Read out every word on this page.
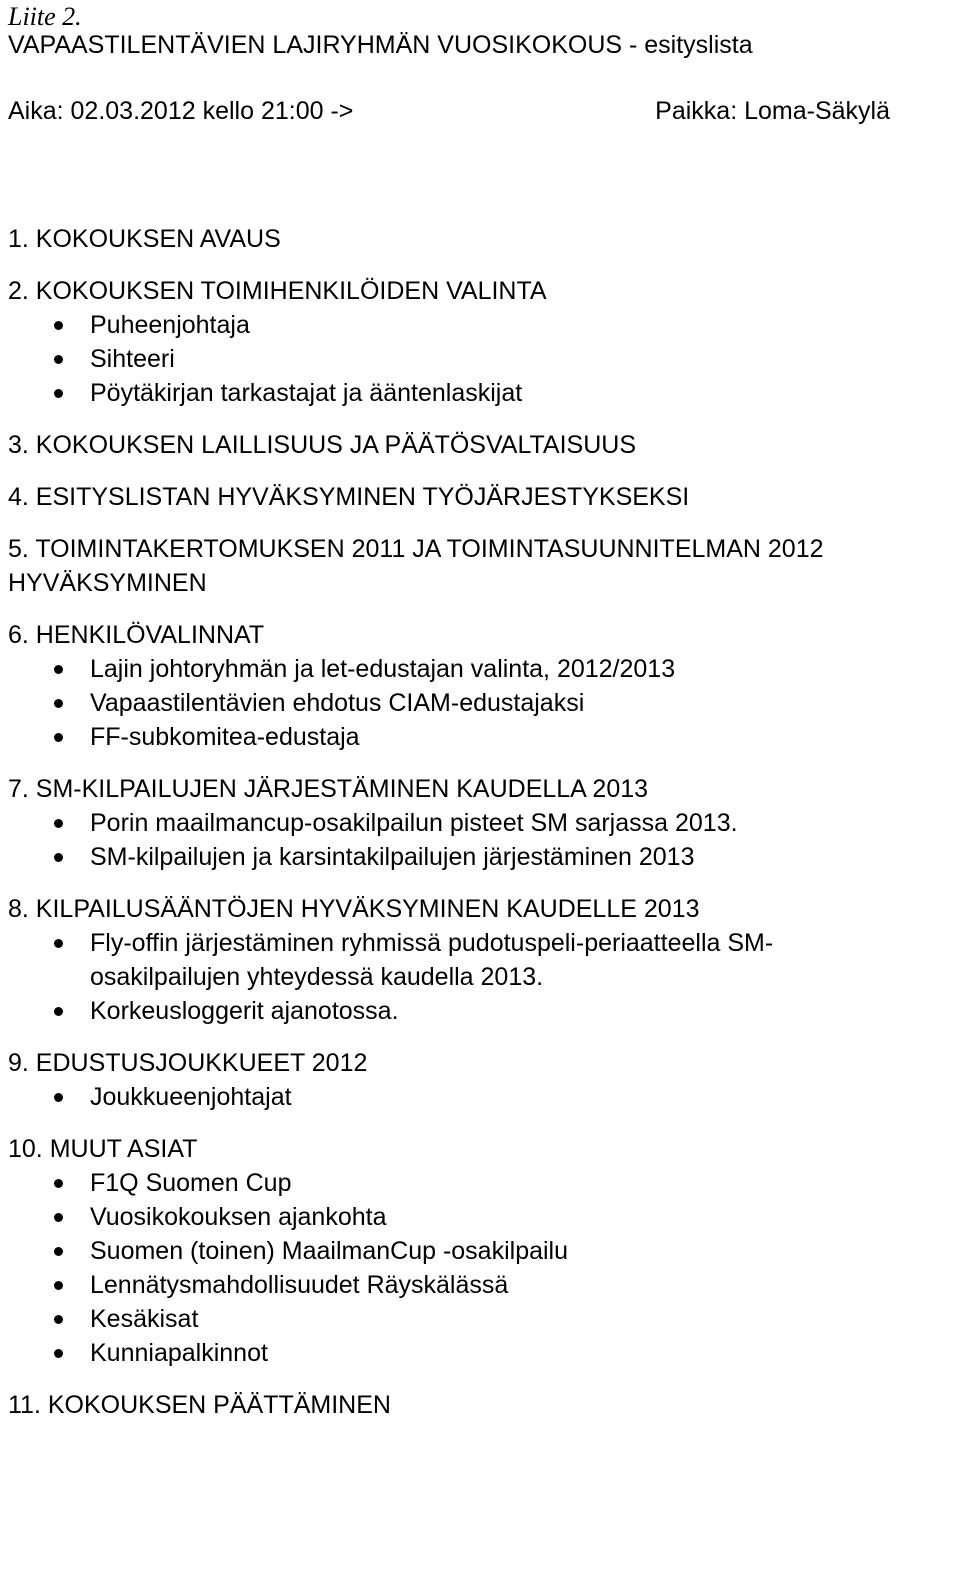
Liite 2.
VAPAASTILENTÄVIEN LAJIRYHMÄN VUOSIKOKOUS - esityslista
Aika: 02.03.2012 kello 21:00 ->	Paikka: Loma-Säkylä
1. KOKOUKSEN AVAUS
2. KOKOUKSEN TOIMIHENKILÖIDEN VALINTA
Puheenjohtaja
Sihteeri
Pöytäkirjan tarkastajat ja ääntenlaskijat
3. KOKOUKSEN LAILLISUUS JA PÄÄTÖSVALTAISUUS
4. ESITYSLISTAN HYVÄKSYMINEN TYÖJÄRJESTYKSEKSI
5. TOIMINTAKERTOMUKSEN 2011 JA TOIMINTASUUNNITELMAN 2012 HYVÄKSYMINEN
6. HENKILÖVALINNAT
Lajin johtoryhmän ja let-edustajan valinta, 2012/2013
Vapaastilentävien ehdotus CIAM-edustajaksi
FF-subkomitea-edustaja
7. SM-KILPAILUJEN JÄRJESTÄMINEN KAUDELLA 2013
Porin maailmancup-osakilpailun pisteet SM sarjassa 2013.
SM-kilpailujen ja karsintakilpailujen järjestäminen 2013
8. KILPAILUSÄÄNTÖJEN HYVÄKSYMINEN KAUDELLE 2013
Fly-offin järjestäminen ryhmissä pudotuspeli-periaatteella SM-osakilpailujen yhteydessä kaudella 2013.
Korkeusloggerit ajanotossa.
9. EDUSTUSJOUKKUEET 2012
Joukkueenjohtajat
10. MUUT ASIAT
F1Q Suomen Cup
Vuosikokouksen ajankohta
Suomen (toinen) MaailmanCup -osakilpailu
Lennätysmahdollisuudet Räyskälässä
Kesäkisat
Kunniapalkinnot
11. KOKOUKSEN PÄÄTTÄMINEN
